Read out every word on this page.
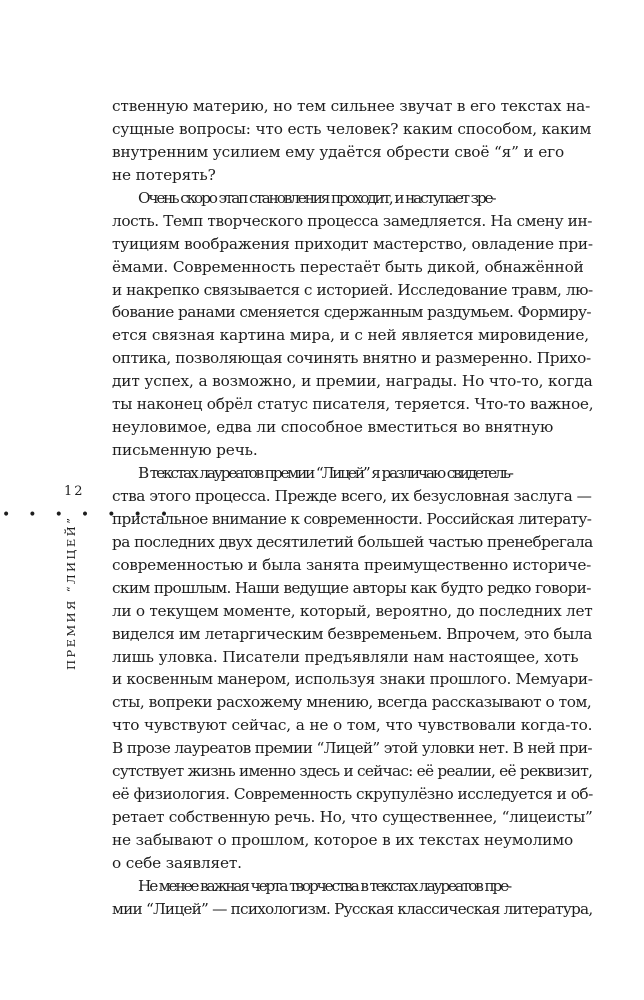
12
• • • • • • •
ПРЕМИЯ “ЛИЦЕЙ”
ственную материю, но тем сильнее звучат в его текстах на-
сущные вопросы: что есть человек? каким способом, каким
внутренним усилием ему удаётся обрести своё “я” и его
не потерять?
Очень скоро этап становления проходит, и наступает зре-
лость. Темп творческого процесса замедляется. На смену ин-
туициям воображения приходит мастерство, овладение при-
ёмами. Современность перестаёт быть дикой, обнажённой
и накрепко связывается с историей. Исследование травм, лю-
бование ранами сменяется сдержанным раздумьем. Формиру-
ется связная картина мира, и с ней является мировидение,
оптика, позволяющая сочинять внятно и размеренно. Прихо-
дит успех, а возможно, и премии, награды. Но что-то, когда
ты наконец обрёл статус писателя, теряется. Что-то важное,
неуловимое, едва ли способное вместиться во внятную
письменную речь.
В текстах лауреатов премии “Лицей” я различаю свидетель-
ства этого процесса. Прежде всего, их безусловная заслуга —
пристальное внимание к современности. Российская литерату-
ра последних двух десятилетий большей частью пренебрегала
современностью и была занята преимущественно историче-
ским прошлым. Наши ведущие авторы как будто редко говори-
ли о текущем моменте, который, вероятно, до последних лет
виделся им летаргическим безвременьем. Впрочем, это была
лишь уловка. Писатели предъявляли нам настоящее, хоть
и косвенным манером, используя знаки прошлого. Мемуари-
сты, вопреки расхожему мнению, всегда рассказывают о том,
что чувствуют сейчас, а не о том, что чувствовали когда-то.
В прозе лауреатов премии “Лицей” этой уловки нет. В ней при-
сутствует жизнь именно здесь и сейчас: её реалии, её реквизит,
её физиология. Современность скрупулёзно исследуется и об-
ретает собственную речь. Но, что существеннее, “лицеисты”
не забывают о прошлом, которое в их текстах неумолимо
о себе заявляет.
Не менее важная черта творчества в текстах лауреатов пре-
мии “Лицей” — психологизм. Русская классическая литература,
